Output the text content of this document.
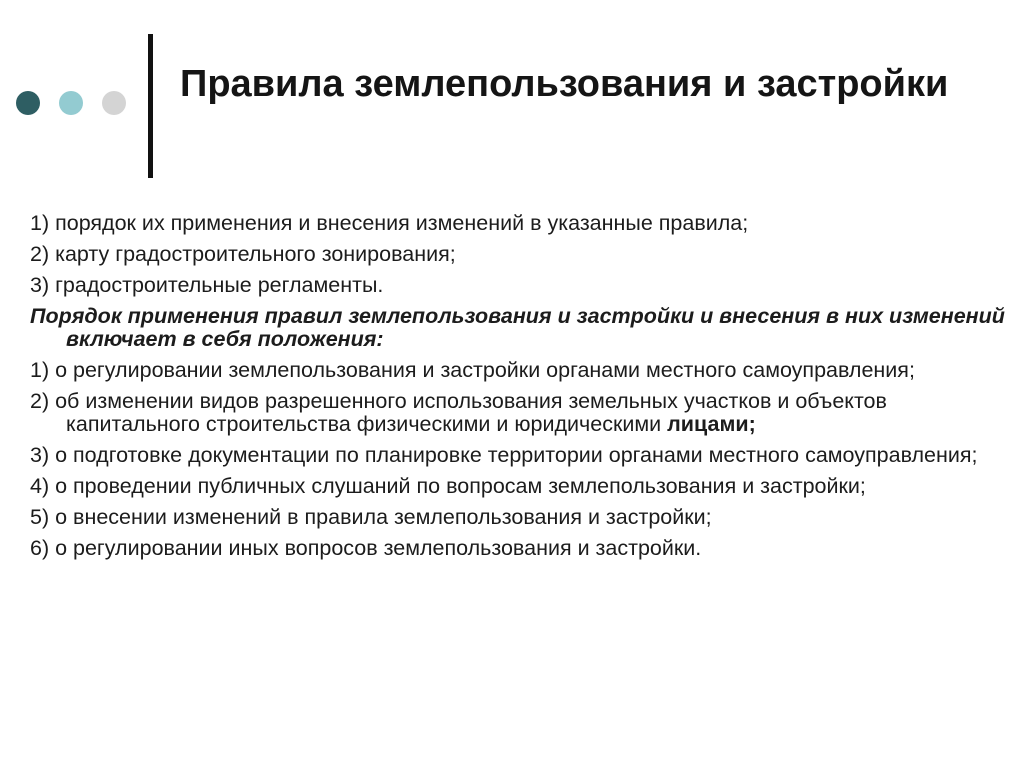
Правила землепользования и застройки
1) порядок их применения и внесения изменений в указанные правила;
2) карту градостроительного зонирования;
3) градостроительные регламенты.
Порядок применения правил землепользования и застройки и внесения в них изменений включает в себя положения:
1) о регулировании землепользования и застройки органами местного самоуправления;
2) об изменении видов разрешенного использования земельных участков и объектов капитального строительства физическими и юридическими лицами;
3) о подготовке документации по планировке территории органами местного самоуправления;
4) о проведении публичных слушаний по вопросам землепользования и застройки;
5) о внесении изменений в правила землепользования и застройки;
6) о регулировании иных вопросов землепользования и застройки.
